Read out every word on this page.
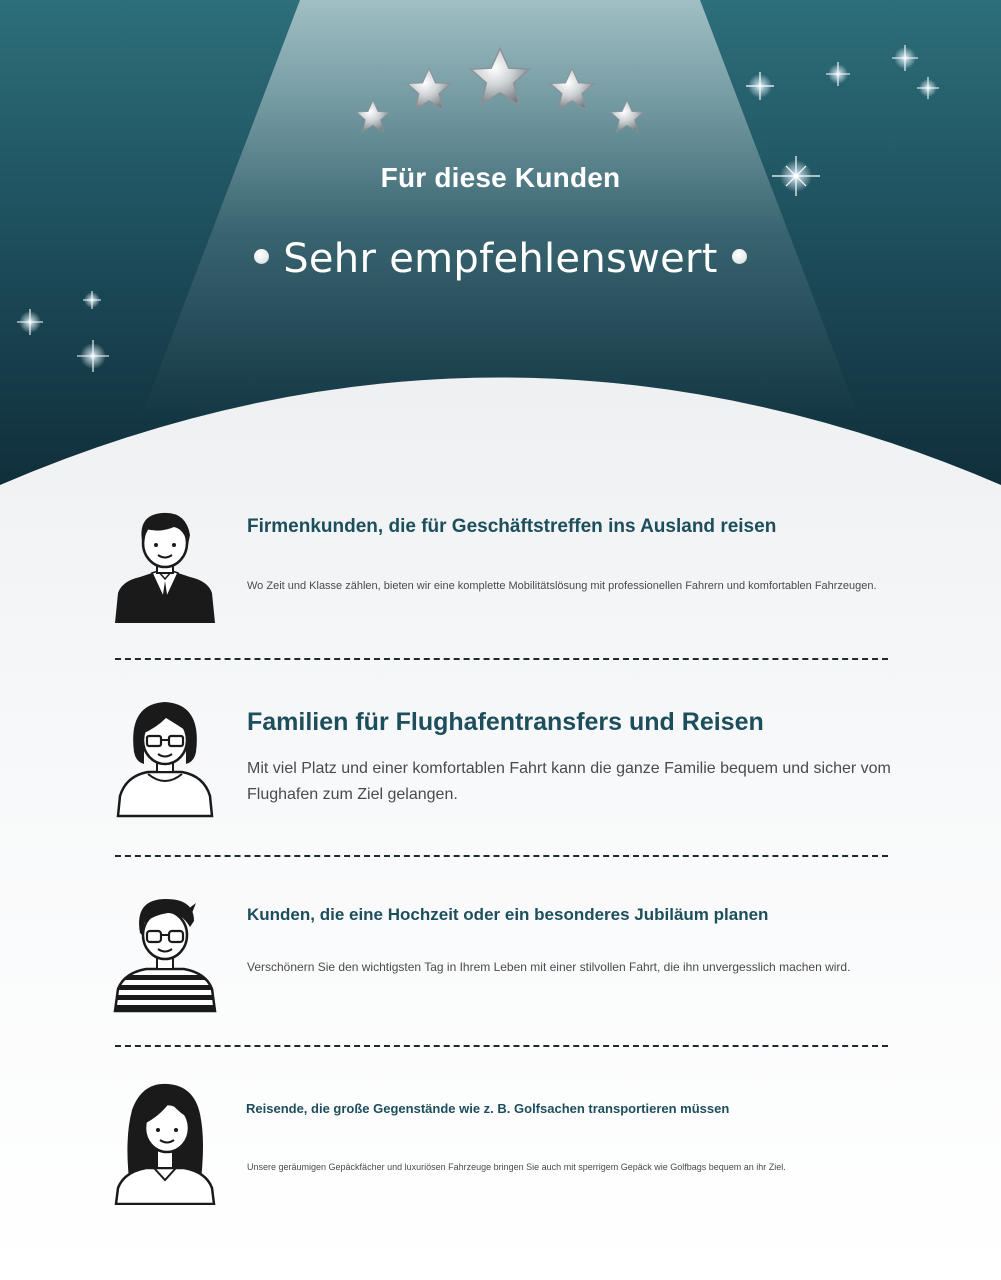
Für diese Kunden
Sehr empfehlenswert
Firmenkunden, die für Geschäftstreffen ins Ausland reisen
Wo Zeit und Klasse zählen, bieten wir eine komplette Mobilitätslösung mit professionellen Fahrern und komfortablen Fahrzeugen.
Familien für Flughafentransfers und Reisen
Mit viel Platz und einer komfortablen Fahrt kann die ganze Familie bequem und sicher vom Flughafen zum Ziel gelangen.
Kunden, die eine Hochzeit oder ein besonderes Jubiläum planen
Verschönern Sie den wichtigsten Tag in Ihrem Leben mit einer stilvollen Fahrt, die ihn unvergesslich machen wird.
Reisende, die große Gegenstände wie z. B. Golfsachen transportieren müssen
Unsere geräumigen Gepäckfächer und luxuriösen Fahrzeuge bringen Sie auch mit sperrigem Gepäck wie Golfbags bequem an ihr Ziel.
